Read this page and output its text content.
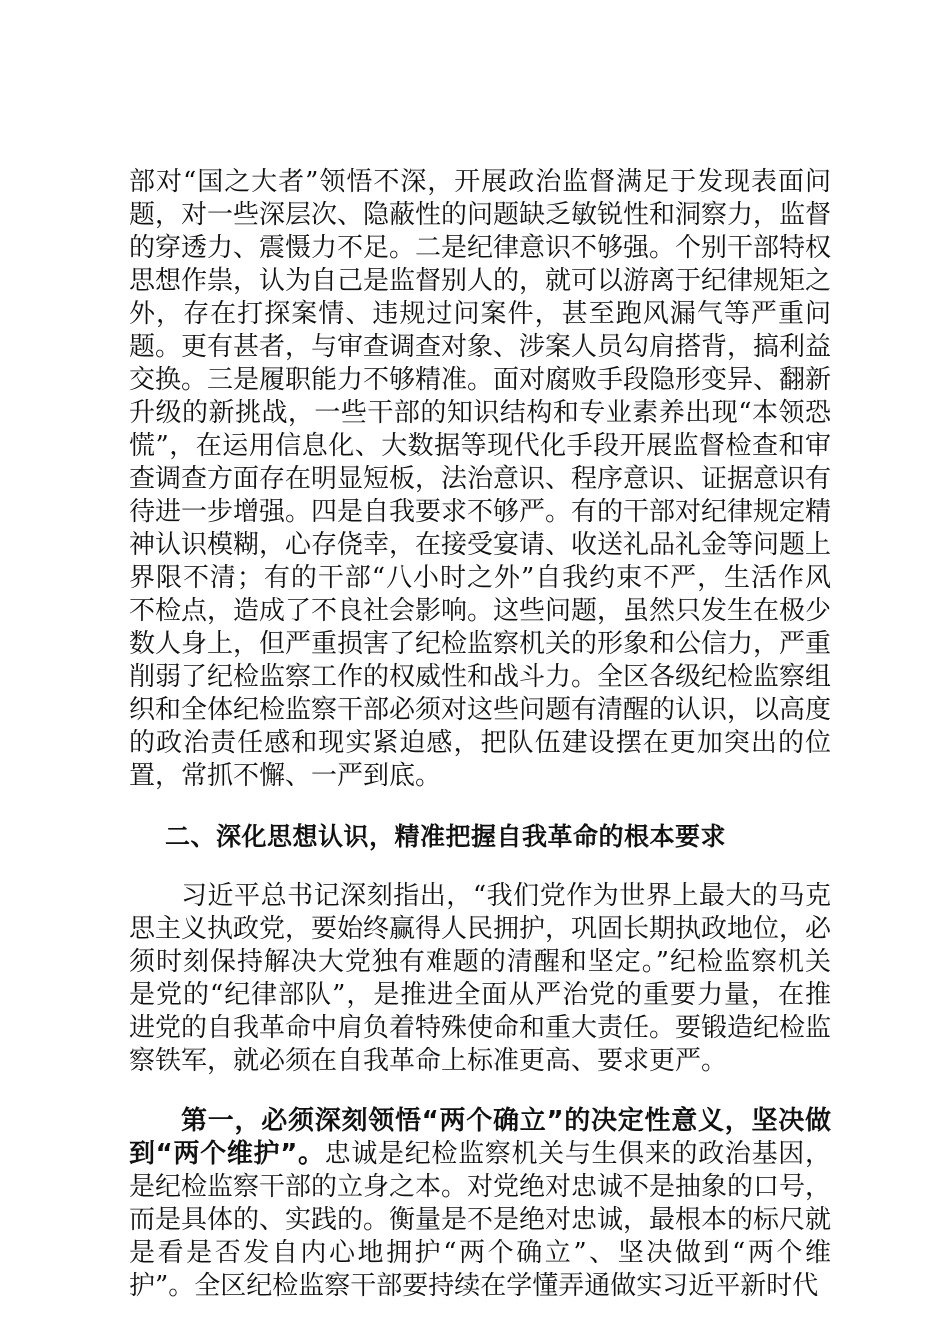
部对“国之大者”领悟不深，开展政治监督满足于发现表面问题，对一些深层次、隐蔽性的问题缺乏敏锐性和洞察力，监督的穿透力、震慑力不足。二是纪律意识不够强。个别干部特权思想作祟，认为自己是监督别人的，就可以游离于纪律规矩之外，存在打探案情、违规过问案件，甚至跑风漏气等严重问题。更有甚者，与审查调查对象、涉案人员勾肩搭背，搞利益交换。三是履职能力不够精准。面对腐败手段隐形变异、翻新升级的新挑战，一些干部的知识结构和专业素养出现“本领恐慌”，在运用信息化、大数据等现代化手段开展监督检查和审查调查方面存在明显短板，法治意识、程序意识、证据意识有待进一步增强。四是自我要求不够严。有的干部对纪律规定精神认识模糊，心存侥幸，在接受宴请、收送礼品礼金等问题上界限不清；有的干部“八小时之外”自我约束不严，生活作风不检点，造成了不良社会影响。这些问题，虽然只发生在极少数人身上，但严重损害了纪检监察机关的形象和公信力，严重削弱了纪检监察工作的权威性和战斗力。全区各级纪检监察组织和全体纪检监察干部必须对这些问题有清醒的认识，以高度的政治责任感和现实紧迫感，把队伍建设摆在更加突出的位置，常抓不懈、一严到底。

二、深化思想认识，精准把握自我革命的根本要求

习近平总书记深刻指出，“我们党作为世界上最大的马克思主义执政党，要始终赢得人民拥护，巩固长期执政地位，必须时刻保持解决大党独有难题的清醒和坚定。”纪检监察机关是党的“纪律部队”，是推进全面从严治党的重要力量，在推进党的自我革命中肩负着特殊使命和重大责任。要锻造纪检监察铁军，就必须在自我革命上标准更高、要求更严。

第一，必须深刻领悟“两个确立”的决定性意义，坚决做到“两个维护”。忠诚是纪检监察机关与生俱来的政治基因，是纪检监察干部的立身之本。对党绝对忠诚不是抽象的口号，而是具体的、实践的。衡量是不是绝对忠诚，最根本的标尺就是看是否发自内心地拥护“两个确立”、坚决做到“两个维护”。全区纪检监察干部要持续在学懂弄通做实习近平新时代
